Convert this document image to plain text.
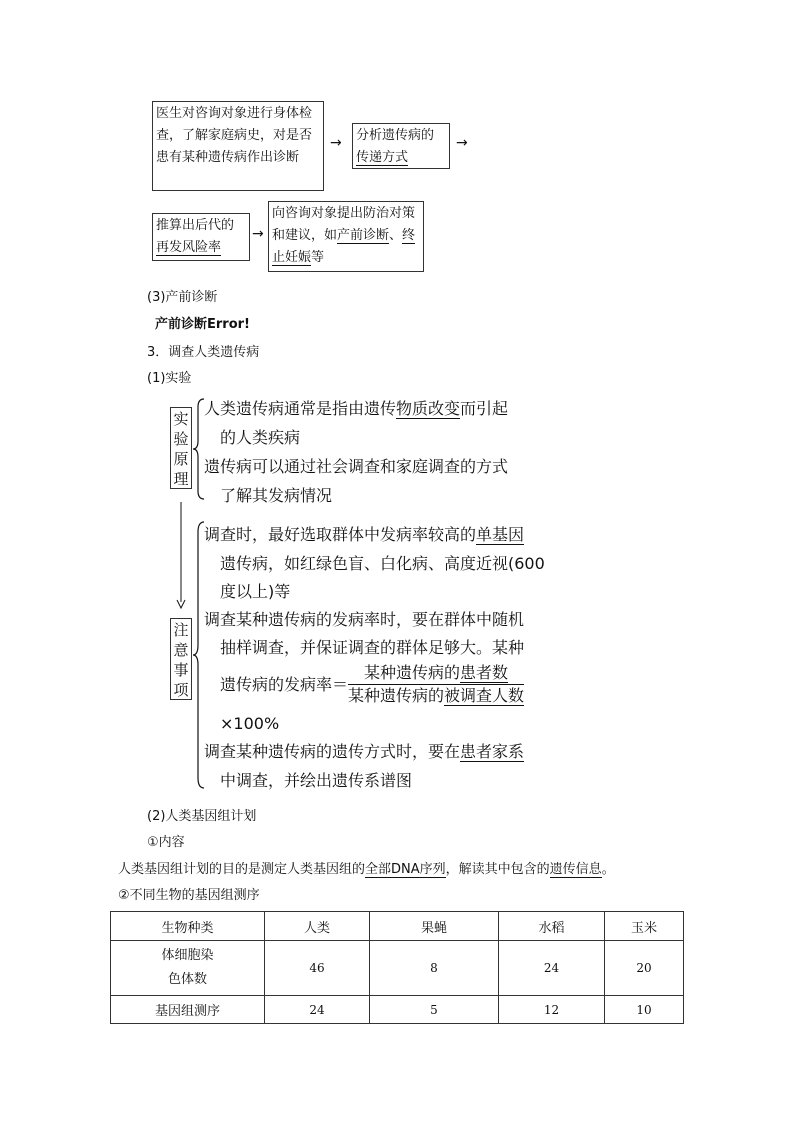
医生对咨询对象进行身体检查，了解家庭病史，对是否患有某种遗传病作出诊断
→	分析遗传病的
传递方式
→
推算出后代的
再发风险率
→
向咨询对象提出防治对策和建议，如产前诊断、终止妊娠等
(3)产前诊断
产前诊断Error!
3．调查人类遗传病
(1)实验
实
验
原
理
人类遗传病通常是指由遗传物质改变而引起
的人类疾病
遗传病可以通过社会调查和家庭调查的方式
了解其发病情况
注
意
事
项
调查时，最好选取群体中发病率较高的单基因
遗传病，如红绿色盲、白化病、高度近视(600
度以上)等
调查某种遗传病的发病率时，要在群体中随机
抽样调查，并保证调查的群体足够大。某种
遗传病的发病率＝ $\frac{\text{某种遗传病的患者数}}{\text{某种遗传病的被调查人数}}$
×100%
调查某种遗传病的遗传方式时，要在患者家系
中调查，并绘出遗传系谱图
(2)人类基因组计划
①内容
人类基因组计划的目的是测定人类基因组的全部DNA序列，解读其中包含的遗传信息。
②不同生物的基因组测序
生物种类	人类	果蝇	水稻	玉米
体细胞染
色体数	46	8	24	20
基因组测序	24	5	12	10
